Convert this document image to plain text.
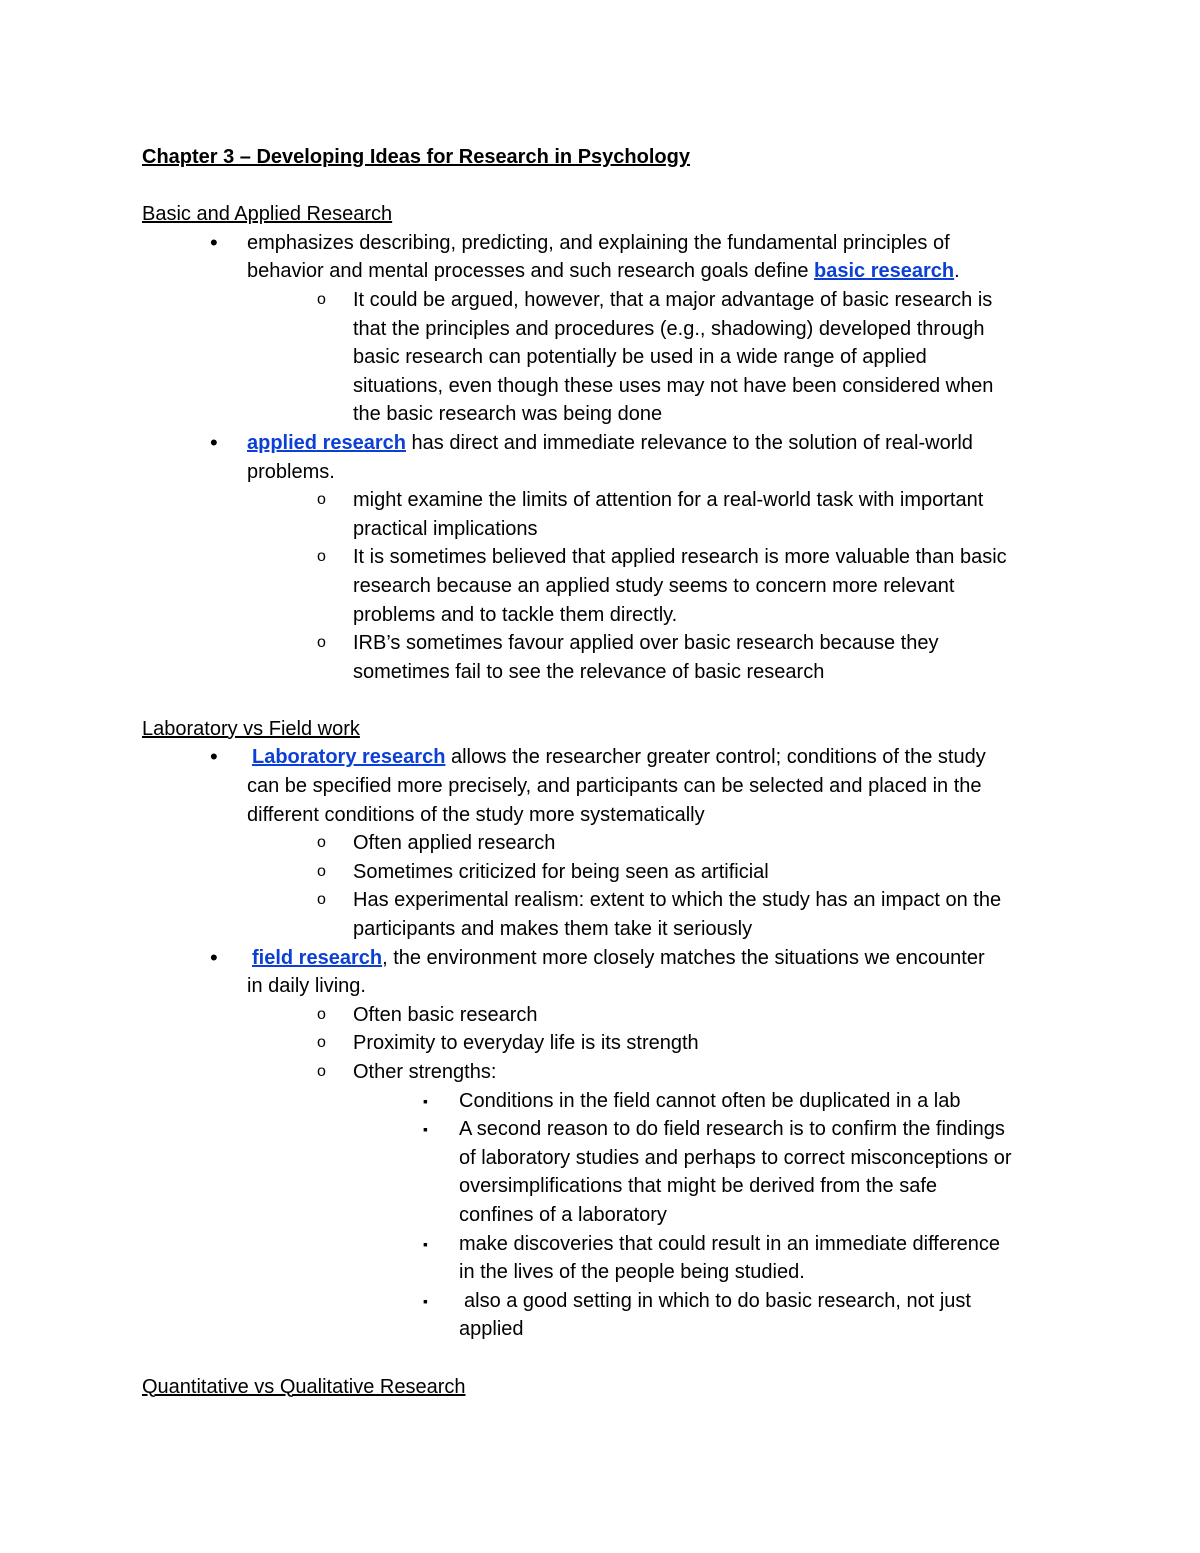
Chapter 3 – Developing Ideas for Research in Psychology
Basic and Applied Research
• emphasizes describing, predicting, and explaining the fundamental principles of
behavior and mental processes and such research goals define basic research.
o It could be argued, however, that a major advantage of basic research is
that the principles and procedures (e.g., shadowing) developed through
basic research can potentially be used in a wide range of applied
situations, even though these uses may not have been considered when
the basic research was being done
• applied research has direct and immediate relevance to the solution of real-world
problems.
o might examine the limits of attention for a real-world task with important
practical implications
o It is sometimes believed that applied research is more valuable than basic
research because an applied study seems to concern more relevant
problems and to tackle them directly.
o IRB’s sometimes favour applied over basic research because they
sometimes fail to see the relevance of basic research
Laboratory vs Field work
• Laboratory research allows the researcher greater control; conditions of the study
can be specified more precisely, and participants can be selected and placed in the
different conditions of the study more systematically
o Often applied research
o Sometimes criticized for being seen as artificial
o Has experimental realism: extent to which the study has an impact on the
participants and makes them take it seriously
• field research, the environment more closely matches the situations we encounter
in daily living.
o Often basic research
o Proximity to everyday life is its strength
o Other strengths:
▪ Conditions in the field cannot often be duplicated in a lab
▪ A second reason to do field research is to confirm the findings
of laboratory studies and perhaps to correct misconceptions or
oversimplifications that might be derived from the safe
confines of a laboratory
▪ make discoveries that could result in an immediate difference
in the lives of the people being studied.
▪ also a good setting in which to do basic research, not just
applied
Quantitative vs Qualitative Research
